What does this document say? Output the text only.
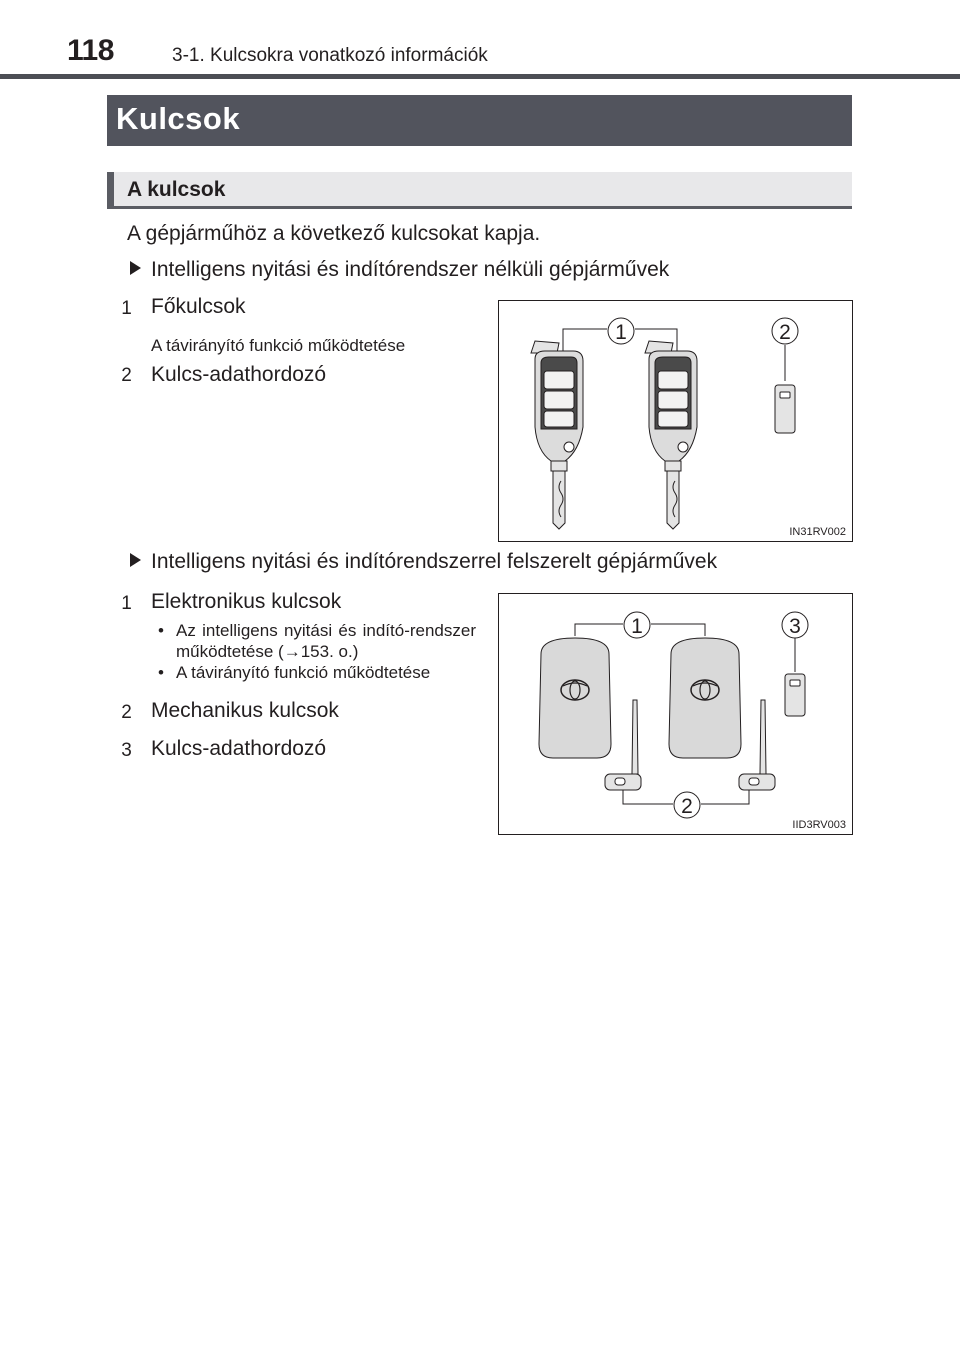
118	3-1. Kulcsokra vonatkozó információk
Kulcsok
A kulcsok
A gépjárműhöz a következő kulcsokat kapja.
Intelligens nyitási és indítórendszer nélküli gépjárművek
1 Főkulcsok
A távirányító funkció működtetése
2 Kulcs-adathordozó
1	2
IN31RV002
Intelligens nyitási és indítórendszerrel felszerelt gépjárművek
1 Elektronikus kulcsok
• Az intelligens nyitási és indító-rendszer működtetése (→153. o.)
• A távirányító funkció működtetése
2 Mechanikus kulcsok
3 Kulcs-adathordozó
1	3
2
IID3RV003
